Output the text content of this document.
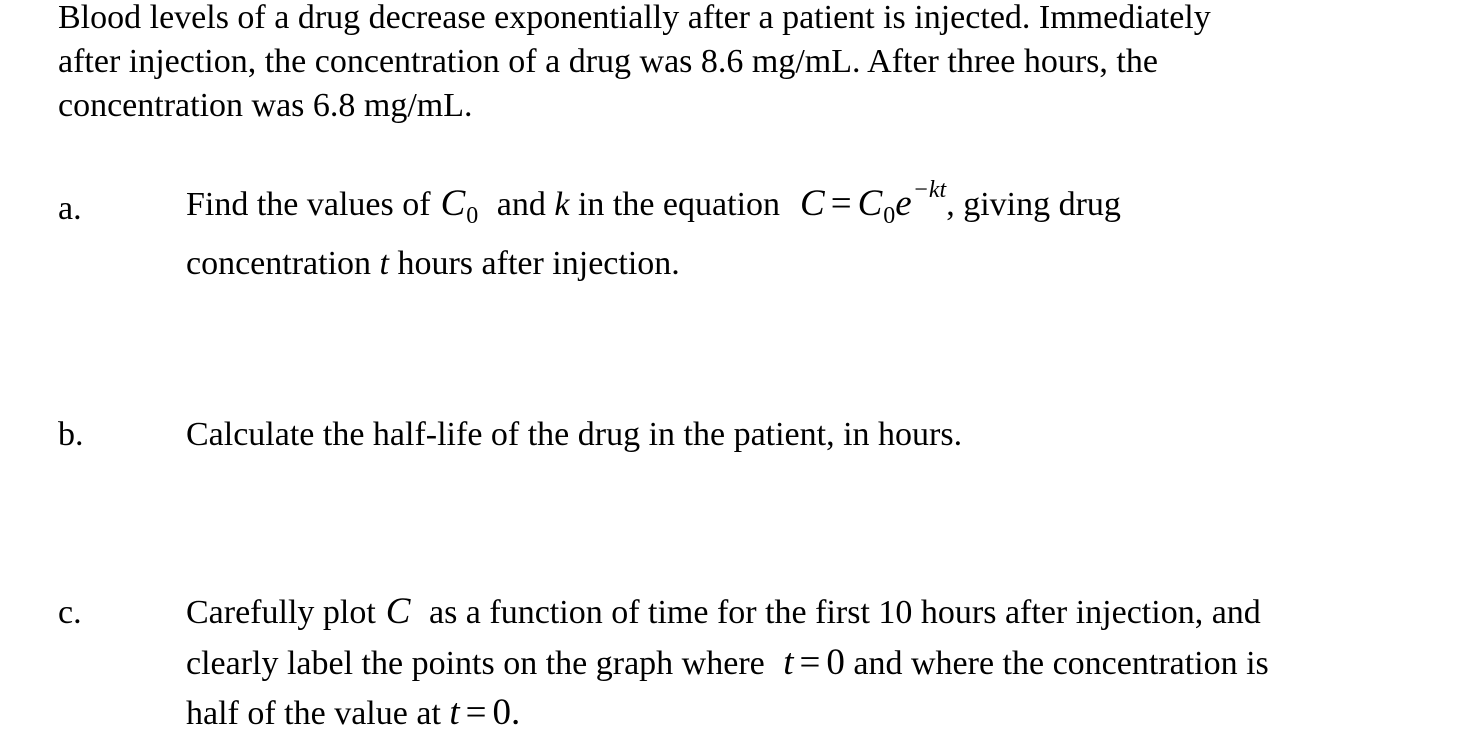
Blood levels of a drug decrease exponentially after a patient is injected. Immediately
after injection, the concentration of a drug was 8.6 mg/mL. After three hours, the
concentration was 6.8 mg/mL.
a.	Find the values of $C_0$ and k in the equation $C = C_0e^{-kt}$, giving drug
concentration t hours after injection.
b.	Calculate the half-life of the drug in the patient, in hours.
c.	Carefully plot C as a function of time for the first 10 hours after injection, and
clearly label the points on the graph where t = 0 and where the concentration is
half of the value at t = 0.
